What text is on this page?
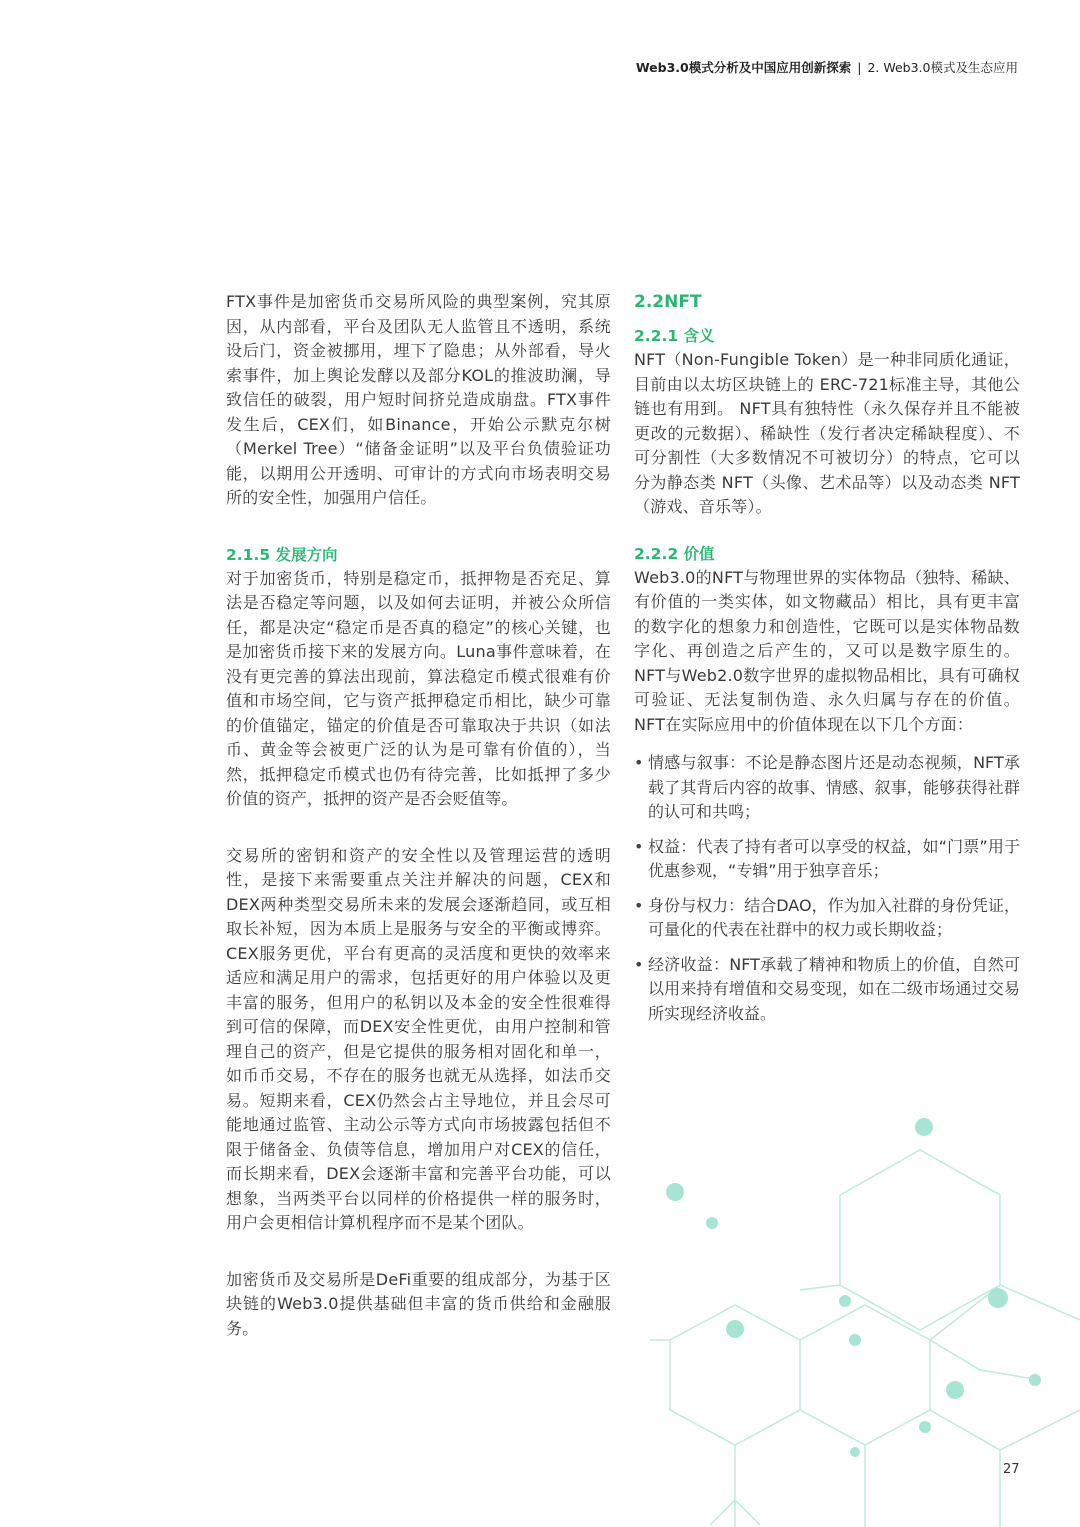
Web3.0模式分析及中国应用创新探索 | 2. Web3.0模式及生态应用

FTX事件是加密货币交易所风险的典型案例，究其原因，从内部看，平台及团队无人监管且不透明，系统设后门，资金被挪用，埋下了隐患；从外部看，导火索事件，加上舆论发酵以及部分KOL的推波助澜，导致信任的破裂，用户短时间挤兑造成崩盘。FTX事件发生后，CEX们，如Binance，开始公示默克尔树（Merkel Tree）“储备金证明”以及平台负债验证功能，以期用公开透明、可审计的方式向市场表明交易所的安全性，加强用户信任。

2.1.5 发展方向

对于加密货币，特别是稳定币，抵押物是否充足、算法是否稳定等问题，以及如何去证明，并被公众所信任，都是决定“稳定币是否真的稳定”的核心关键，也是加密货币接下来的发展方向。Luna事件意味着，在没有更完善的算法出现前，算法稳定币模式很难有价值和市场空间，它与资产抵押稳定币相比，缺少可靠的价值锚定，锚定的价值是否可靠取决于共识（如法币、黄金等会被更广泛的认为是可靠有价值的），当然，抵押稳定币模式也仍有待完善，比如抵押了多少价值的资产，抵押的资产是否会贬值等。

交易所的密钥和资产的安全性以及管理运营的透明性，是接下来需要重点关注并解决的问题，CEX和DEX两种类型交易所未来的发展会逐渐趋同，或互相取长补短，因为本质上是服务与安全的平衡或博弈。CEX服务更优，平台有更高的灵活度和更快的效率来适应和满足用户的需求，包括更好的用户体验以及更丰富的服务，但用户的私钥以及本金的安全性很难得到可信的保障，而DEX安全性更优，由用户控制和管理自己的资产，但是它提供的服务相对固化和单一，如币币交易，不存在的服务也就无从选择，如法币交易。短期来看，CEX仍然会占主导地位，并且会尽可能地通过监管、主动公示等方式向市场披露包括但不限于储备金、负债等信息，增加用户对CEX的信任，而长期来看，DEX会逐渐丰富和完善平台功能，可以想象，当两类平台以同样的价格提供一样的服务时，用户会更相信计算机程序而不是某个团队。

加密货币及交易所是DeFi重要的组成部分，为基于区块链的Web3.0提供基础但丰富的货币供给和金融服务。

2.2NFT
2.2.1 含义

NFT（Non-Fungible Token）是一种非同质化通证，目前由以太坊区块链上的 ERC-721标准主导，其他公链也有用到。 NFT具有独特性（永久保存并且不能被更改的元数据）、稀缺性（发行者决定稀缺程度）、不可分割性（大多数情况不可被切分）的特点，它可以分为静态类 NFT（头像、艺术品等）以及动态类 NFT（游戏、音乐等）。

2.2.2 价值

Web3.0的NFT与物理世界的实体物品（独特、稀缺、有价值的一类实体，如文物藏品）相比，具有更丰富的数字化的想象力和创造性，它既可以是实体物品数字化、再创造之后产生的，又可以是数字原生的。NFT与Web2.0数字世界的虚拟物品相比，具有可确权可验证、无法复制伪造、永久归属与存在的价值。NFT在实际应用中的价值体现在以下几个方面：

• 情感与叙事：不论是静态图片还是动态视频，NFT承载了其背后内容的故事、情感、叙事，能够获得社群的认可和共鸣；
• 权益：代表了持有者可以享受的权益，如“门票”用于优惠参观，“专辑”用于独享音乐；
• 身份与权力：结合DAO，作为加入社群的身份凭证，可量化的代表在社群中的权力或长期收益；
• 经济收益：NFT承载了精神和物质上的价值，自然可以用来持有增值和交易变现，如在二级市场通过交易所实现经济收益。
27
